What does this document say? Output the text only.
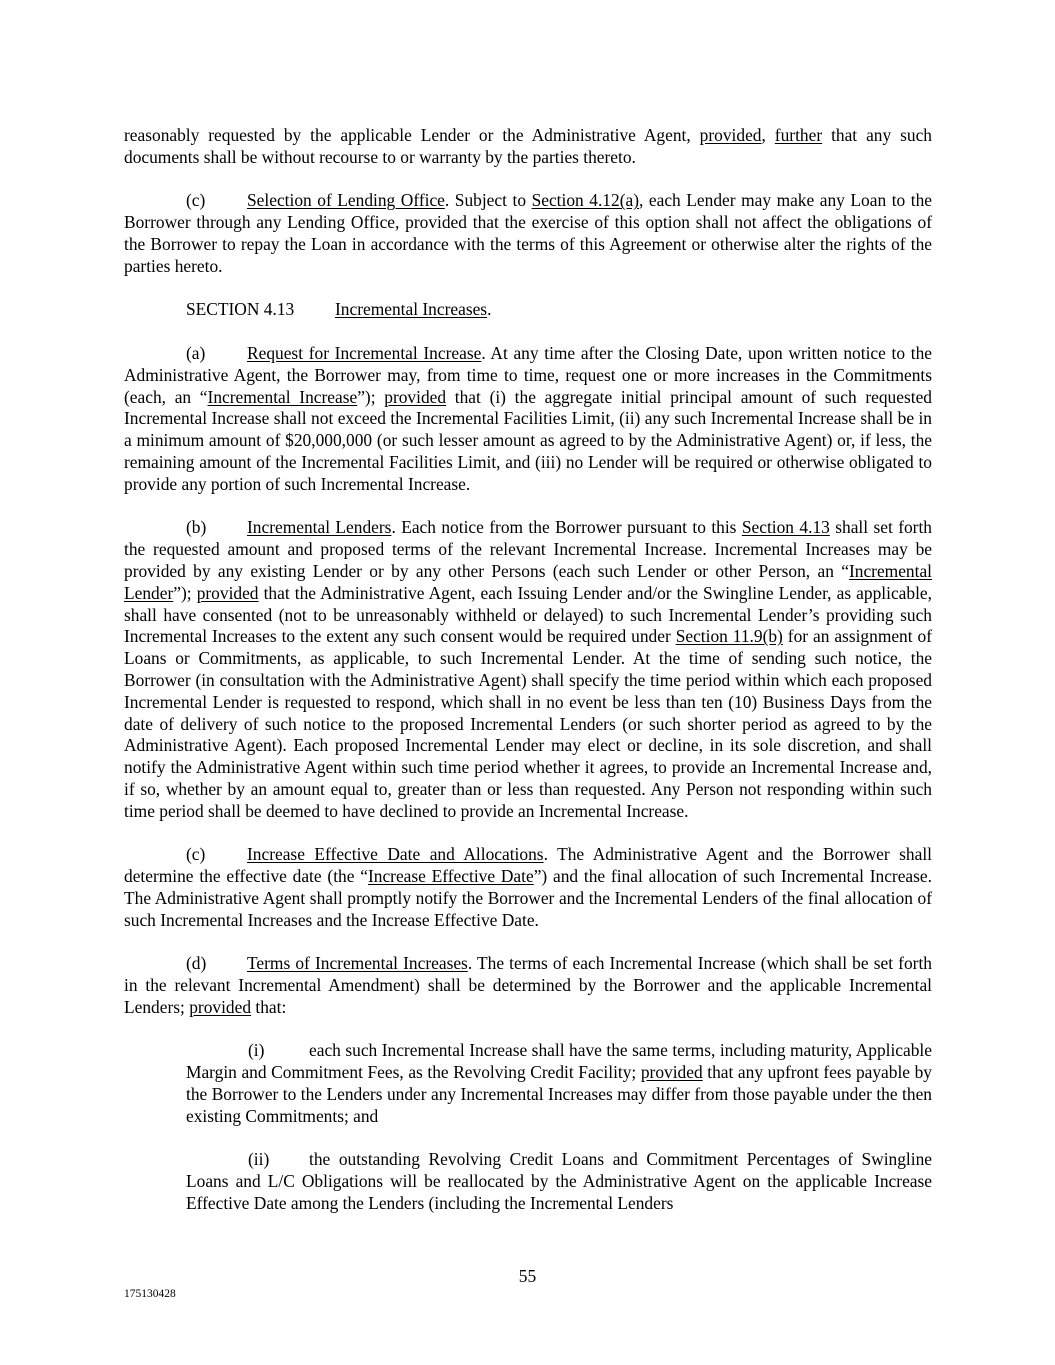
reasonably requested by the applicable Lender or the Administrative Agent, provided, further that any such documents shall be without recourse to or warranty by the parties thereto.

(c) Selection of Lending Office. Subject to Section 4.12(a), each Lender may make any Loan to the Borrower through any Lending Office, provided that the exercise of this option shall not affect the obligations of the Borrower to repay the Loan in accordance with the terms of this Agreement or otherwise alter the rights of the parties hereto.

SECTION 4.13 Incremental Increases.

(a) Request for Incremental Increase. At any time after the Closing Date, upon written notice to the Administrative Agent, the Borrower may, from time to time, request one or more increases in the Commitments (each, an “Incremental Increase”); provided that (i) the aggregate initial principal amount of such requested Incremental Increase shall not exceed the Incremental Facilities Limit, (ii) any such Incremental Increase shall be in a minimum amount of $20,000,000 (or such lesser amount as agreed to by the Administrative Agent) or, if less, the remaining amount of the Incremental Facilities Limit, and (iii) no Lender will be required or otherwise obligated to provide any portion of such Incremental Increase.

(b) Incremental Lenders. Each notice from the Borrower pursuant to this Section 4.13 shall set forth the requested amount and proposed terms of the relevant Incremental Increase. Incremental Increases may be provided by any existing Lender or by any other Persons (each such Lender or other Person, an “Incremental Lender”); provided that the Administrative Agent, each Issuing Lender and/or the Swingline Lender, as applicable, shall have consented (not to be unreasonably withheld or delayed) to such Incremental Lender’s providing such Incremental Increases to the extent any such consent would be required under Section 11.9(b) for an assignment of Loans or Commitments, as applicable, to such Incremental Lender. At the time of sending such notice, the Borrower (in consultation with the Administrative Agent) shall specify the time period within which each proposed Incremental Lender is requested to respond, which shall in no event be less than ten (10) Business Days from the date of delivery of such notice to the proposed Incremental Lenders (or such shorter period as agreed to by the Administrative Agent). Each proposed Incremental Lender may elect or decline, in its sole discretion, and shall notify the Administrative Agent within such time period whether it agrees, to provide an Incremental Increase and, if so, whether by an amount equal to, greater than or less than requested. Any Person not responding within such time period shall be deemed to have declined to provide an Incremental Increase.

(c) Increase Effective Date and Allocations. The Administrative Agent and the Borrower shall determine the effective date (the “Increase Effective Date”) and the final allocation of such Incremental Increase. The Administrative Agent shall promptly notify the Borrower and the Incremental Lenders of the final allocation of such Incremental Increases and the Increase Effective Date.

(d) Terms of Incremental Increases. The terms of each Incremental Increase (which shall be set forth in the relevant Incremental Amendment) shall be determined by the Borrower and the applicable Incremental Lenders; provided that:

(i)	each such Incremental Increase shall have the same terms, including maturity, Applicable Margin and Commitment Fees, as the Revolving Credit Facility; provided that any upfront fees payable by the Borrower to the Lenders under any Incremental Increases may differ from those payable under the then existing Commitments; and

(ii) the outstanding Revolving Credit Loans and Commitment Percentages of Swingline Loans and L/C Obligations will be reallocated by the Administrative Agent on the applicable Increase Effective Date among the Lenders (including the Incremental Lenders

55
175130428
